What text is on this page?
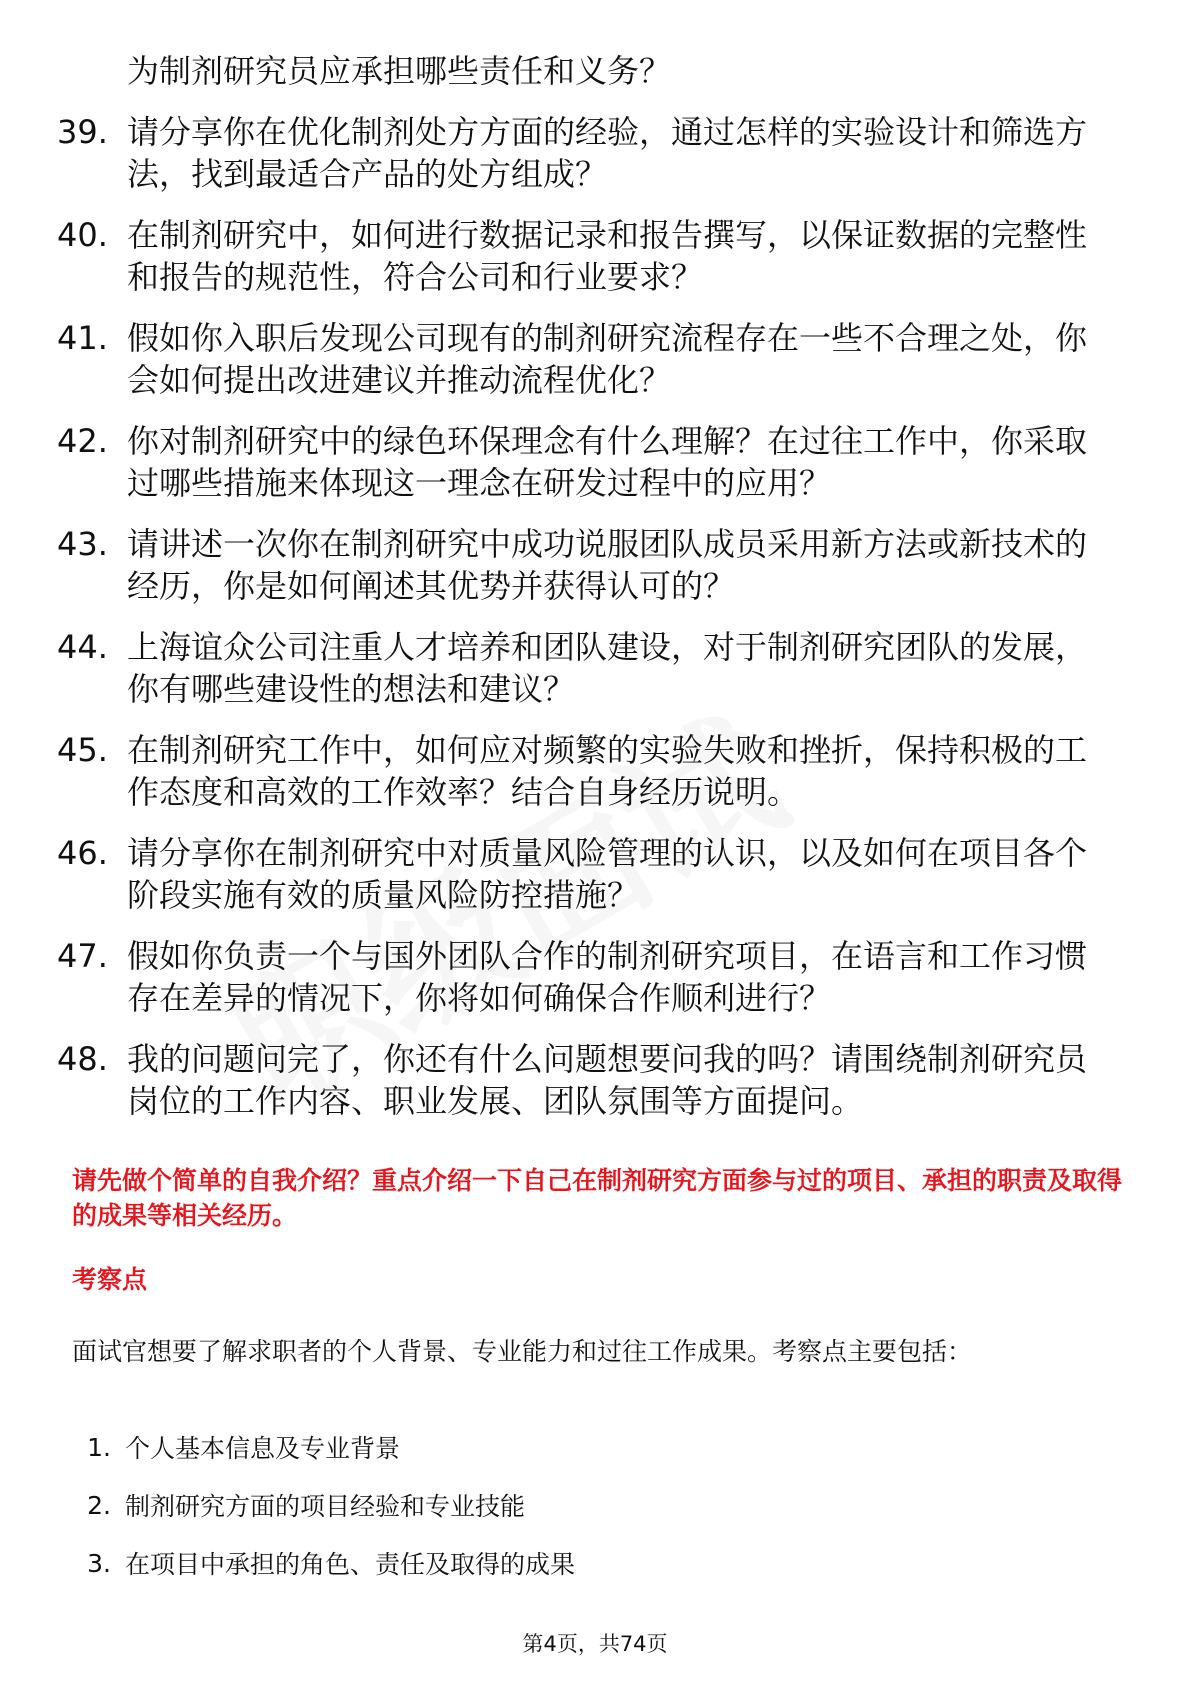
为制剂研究员应承担哪些责任和义务？
39. 请分享你在优化制剂处方方面的经验，通过怎样的实验设计和筛选方法，找到最适合产品的处方组成？
40. 在制剂研究中，如何进行数据记录和报告撰写，以保证数据的完整性和报告的规范性，符合公司和行业要求？
41. 假如你入职后发现公司现有的制剂研究流程存在一些不合理之处，你会如何提出改进建议并推动流程优化？
42. 你对制剂研究中的绿色环保理念有什么理解？在过往工作中，你采取过哪些措施来体现这一理念在研发过程中的应用？
43. 请讲述一次你在制剂研究中成功说服团队成员采用新方法或新技术的经历，你是如何阐述其优势并获得认可的？
44. 上海谊众公司注重人才培养和团队建设，对于制剂研究团队的发展，你有哪些建设性的想法和建议？
45. 在制剂研究工作中，如何应对频繁的实验失败和挫折，保持积极的工作态度和高效的工作效率？结合自身经历说明。
46. 请分享你在制剂研究中对质量风险管理的认识，以及如何在项目各个阶段实施有效的质量风险防控措施？
47. 假如你负责一个与国外团队合作的制剂研究项目，在语言和工作习惯存在差异的情况下，你将如何确保合作顺利进行？
48. 我的问题问完了，你还有什么问题想要问我的吗？请围绕制剂研究员岗位的工作内容、职业发展、团队氛围等方面提问。
请先做个简单的自我介绍？重点介绍一下自己在制剂研究方面参与过的项目、承担的职责及取得的成果等相关经历。
考察点
面试官想要了解求职者的个人背景、专业能力和过往工作成果。考察点主要包括：
1. 个人基本信息及专业背景
2. 制剂研究方面的项目经验和专业技能
3. 在项目中承担的角色、责任及取得的成果
第4页，共74页
